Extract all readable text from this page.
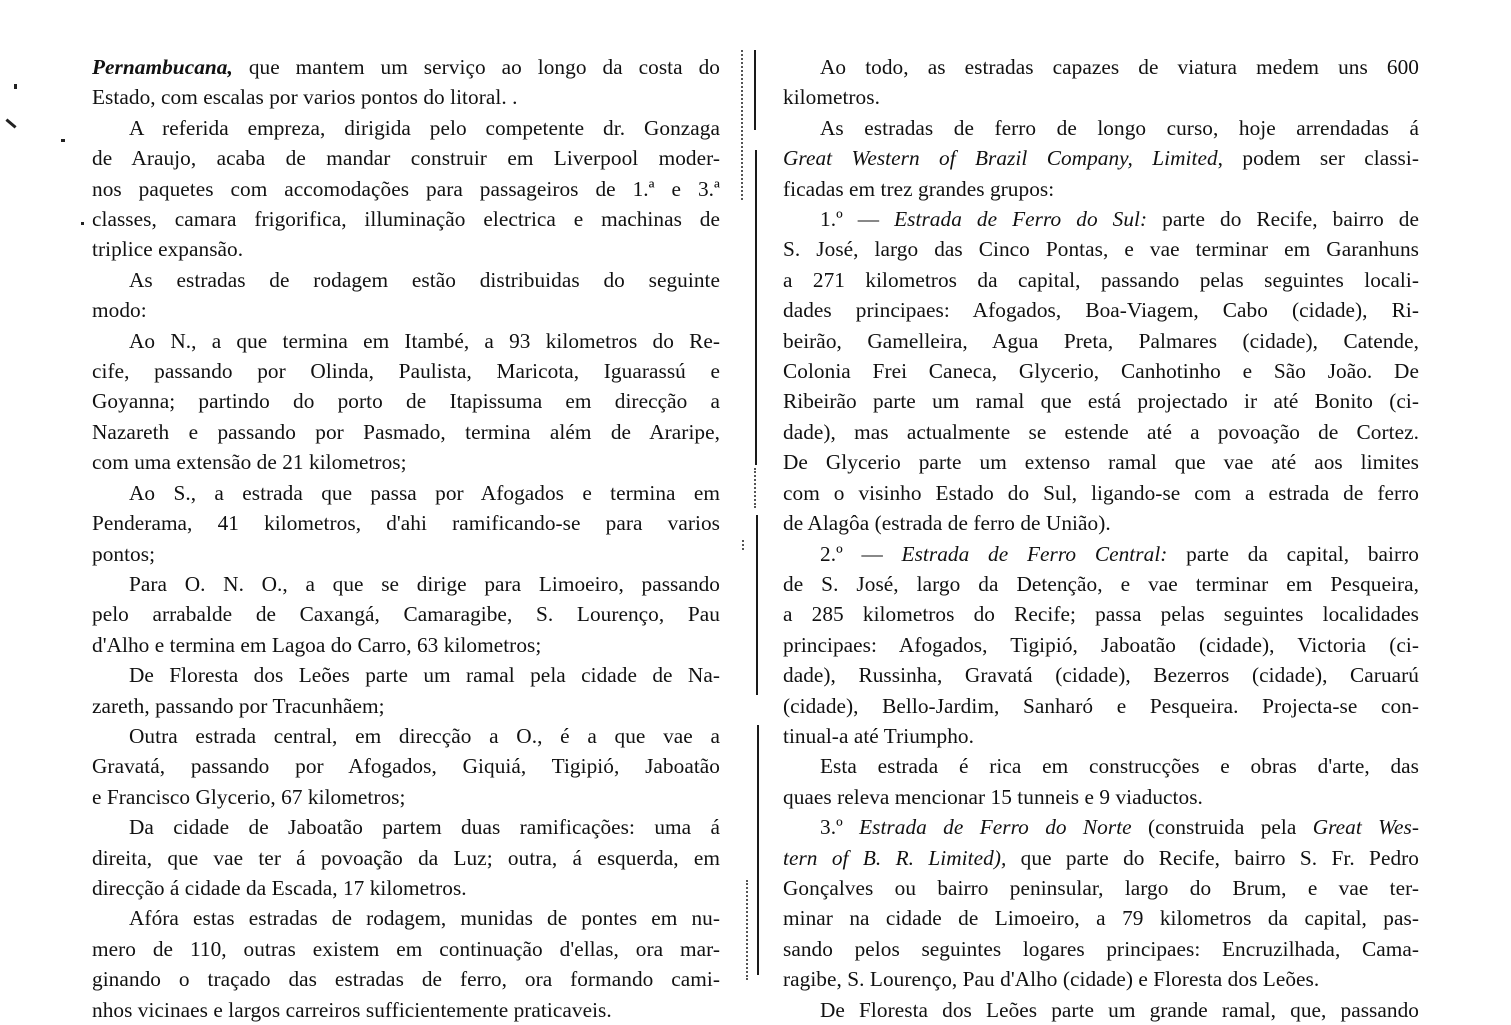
Pernambucana, que mantem um serviço ao longo da costa do
Estado, com escalas por varios pontos do litoral. .

A referida empreza, dirigida pelo competente dr. Gonzaga
de Araujo, acaba de mandar construir em Liverpool moder-
nos paquetes com accomodações para passageiros de 1.ª e 3.ª
classes, camara frigorifica, illuminação electrica e machinas de
triplice expansão.

As estradas de rodagem estão distribuidas do seguinte
modo:

Ao N., a que termina em Itambé, a 93 kilometros do Re-
cife, passando por Olinda, Paulista, Maricota, Iguarassú e
Goyanna; partindo do porto de Itapissuma em direcção a
Nazareth e passando por Pasmado, termina além de Araripe,
com uma extensão de 21 kilometros;

Ao S., a estrada que passa por Afogados e termina em
Penderama, 41 kilometros, d'ahi ramificando-se para varios
pontos;

Para O. N. O., a que se dirige para Limoeiro, passando
pelo arrabalde de Caxangá, Camaragibe, S. Lourenço, Pau
d'Alho e termina em Lagoa do Carro, 63 kilometros;

De Floresta dos Leões parte um ramal pela cidade de Na-
zareth, passando por Tracunhãem;

Outra estrada central, em direcção a O., é a que vae a
Gravatá, passando por Afogados, Giquiá, Tigipió, Jaboatão
e Francisco Glycerio, 67 kilometros;

Da cidade de Jaboatão partem duas ramificações: uma á
direita, que vae ter á povoação da Luz; outra, á esquerda, em
direcção á cidade da Escada, 17 kilometros.

Afóra estas estradas de rodagem, munidas de pontes em nu-
mero de 110, outras existem em continuação d'ellas, ora mar-
ginando o traçado das estradas de ferro, ora formando cami-
nhos vicinaes e largos carreiros sufficientemente praticaveis.

Ao todo, as estradas capazes de viatura medem uns 600
kilometros.

As estradas de ferro de longo curso, hoje arrendadas á
Great Western of Brazil Company, Limited, podem ser classi-
ficadas em trez grandes grupos:

1.º — Estrada de Ferro do Sul: parte do Recife, bairro de
S. José, largo das Cinco Pontas, e vae terminar em Garanhuns
a 271 kilometros da capital, passando pelas seguintes locali-
dades principaes: Afogados, Boa-Viagem, Cabo (cidade), Ri-
beirão, Gamelleira, Agua Preta, Palmares (cidade), Catende,
Colonia Frei Caneca, Glycerio, Canhotinho e São João. De
Ribeirão parte um ramal que está projectado ir até Bonito (ci-
dade), mas actualmente se estende até a povoação de Cortez.
De Glycerio parte um extenso ramal que vae até aos limites
com o visinho Estado do Sul, ligando-se com a estrada de ferro
de Alagôa (estrada de ferro de União).

2.º — Estrada de Ferro Central: parte da capital, bairro
de S. José, largo da Detenção, e vae terminar em Pesqueira,
a 285 kilometros do Recife; passa pelas seguintes localidades
principaes: Afogados, Tigipió, Jaboatão (cidade), Victoria (ci-
dade), Russinha, Gravatá (cidade), Bezerros (cidade), Caruarú
(cidade), Bello-Jardim, Sanharó e Pesqueira. Projecta-se con-
tinual-a até Triumpho.

Esta estrada é rica em construcções e obras d'arte, das
quaes releva mencionar 15 tunneis e 9 viaductos.

3.º Estrada de Ferro do Norte (construida pela Great Wes-
tern of B. R. Limited), que parte do Recife, bairro S. Fr. Pedro
Gonçalves ou bairro peninsular, largo do Brum, e vae ter-
minar na cidade de Limoeiro, a 79 kilometros da capital, pas-
sando pelos seguintes logares principaes: Encruzilhada, Cama-
ragibe, S. Lourenço, Pau d'Alho (cidade) e Floresta dos Leões.

De Floresta dos Leões parte um grande ramal, que, passando
